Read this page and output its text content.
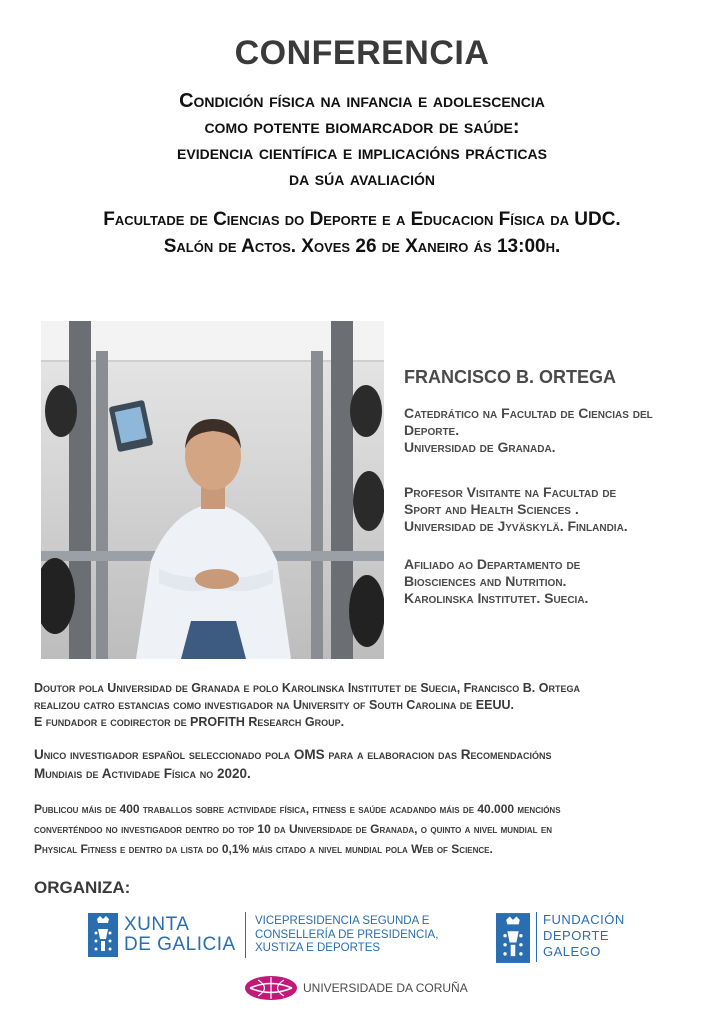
CONFERENCIA
Condición física na infancia e adolescencia
como potente biomarcador de saúde:
evidencia científica e implicacións prácticas
da súa avaliación
Facultade de Ciencias do Deporte e a Educacion Física da UDC.
Salón de Actos. Xoves 26 de Xaneiro ás 13:00h.
FRANCISCO B. ORTEGA
Catedrático na Facultad de Ciencias del
Deporte.
Universidad de Granada.
Profesor Visitante na Facultad de
Sport and Health Sciences .
Universidad de Jyväskylä. Finlandia.
Afiliado ao Departamento de
Biosciences and Nutrition.
Karolinska Institutet. Suecia.
Doutor pola Universidad de Granada e polo Karolinska Institutet de Suecia, Francisco B. Ortega
realizou catro estancias como investigador na University of South Carolina de EEUU.
E fundador e codirector de PROFITH Research Group.
Unico investigador español seleccionado pola OMS para a elaboracion das Recomendacións
Mundiais de Actividade Física no 2020.
Publicou máis de 400 traballos sobre actividade física, fitness e saúde acadando máis de 40.000 mencións
converténdoo no investigador dentro do top 10 da Universidade de Granada, o quinto a nivel mundial en
Physical Fitness e dentro da lista do 0,1% máis citado a nivel mundial pola Web of Science.
ORGANIZA:
XUNTA
DE GALICIA
VICEPRESIDENCIA SEGUNDA E
CONSELLERÍA DE PRESIDENCIA,
XUSTIZA E DEPORTES
FUNDACIÓN
DEPORTE
GALEGO
UNIVERSIDADE DA CORUÑA
